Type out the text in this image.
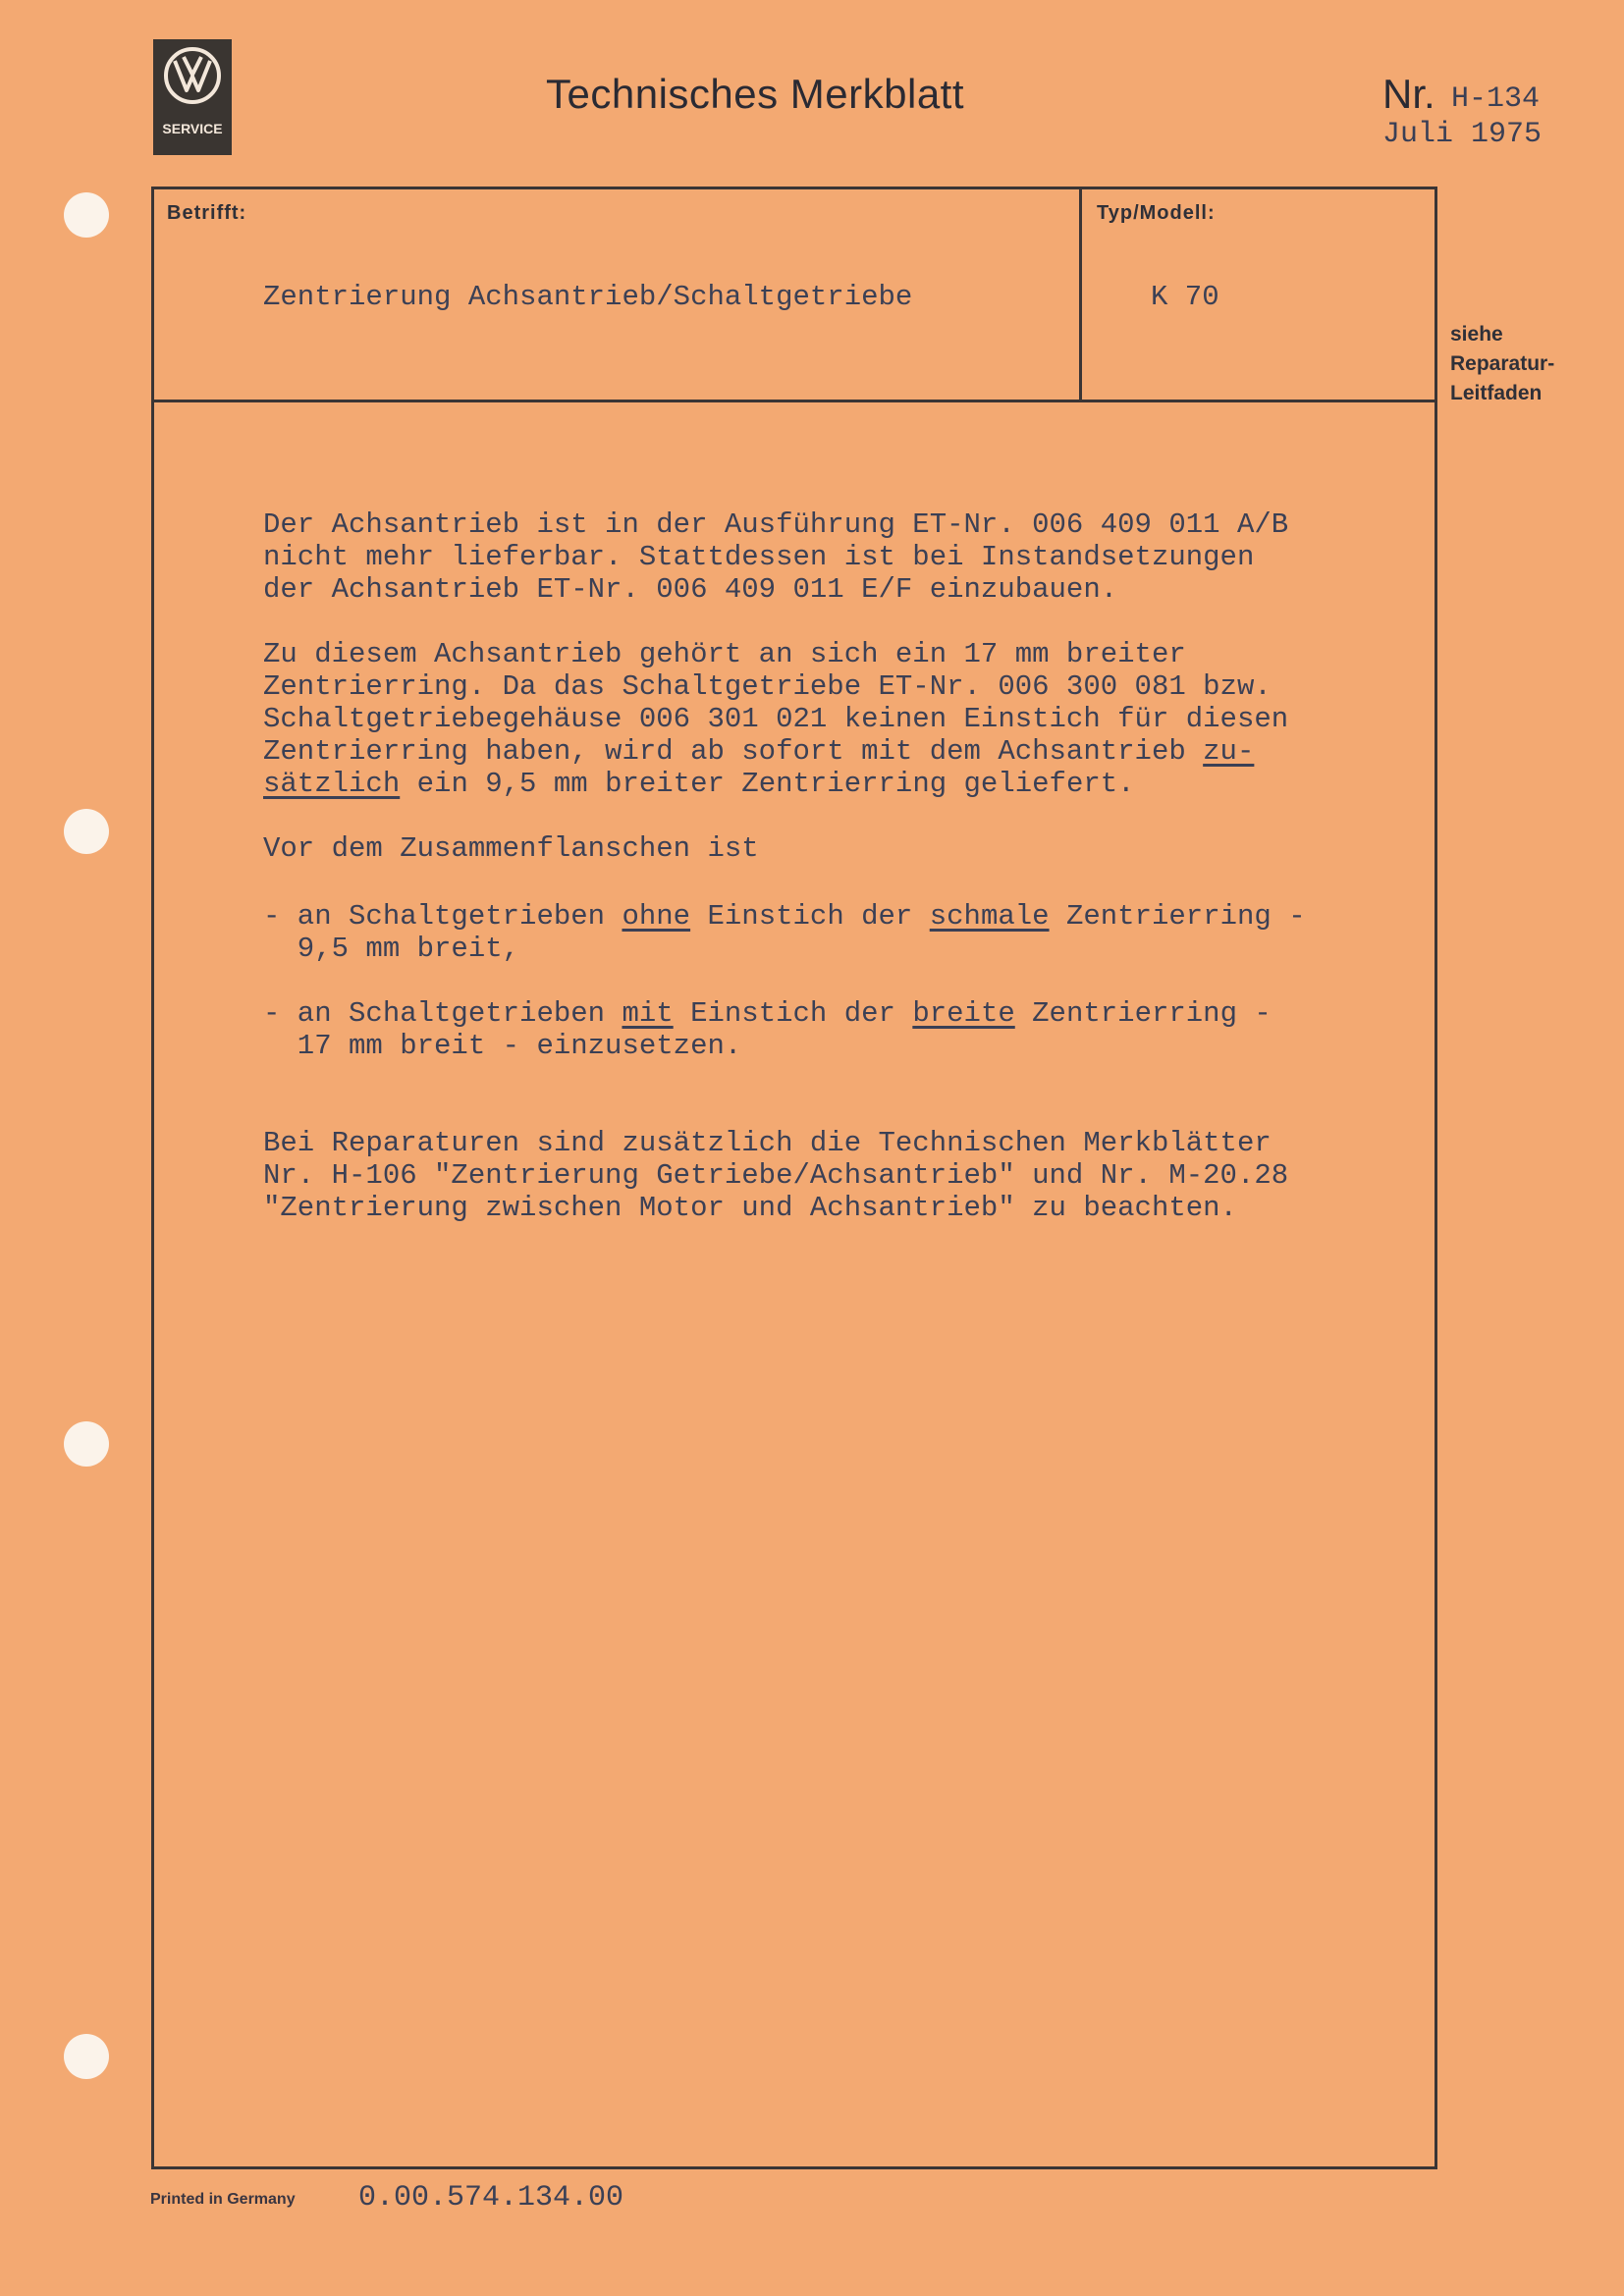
SERVICE
Technisches Merkblatt	Nr. H-134
Juli 1975
Betrifft:	Typ/Modell:
Zentrierung Achsantrieb/Schaltgetriebe	K 70
siehe
Reparatur-
Leitfaden

Der Achsantrieb ist in der Ausführung ET-Nr. 006 409 011 A/B

nicht mehr lieferbar. Stattdessen ist bei Instandsetzungen

der Achsantrieb ET-Nr. 006 409 011 E/F einzubauen.

Zu diesem Achsantrieb gehört an sich ein 17 mm breiter

Zentrierring. Da das Schaltgetriebe ET-Nr. 006 300 081 bzw.

Schaltgetriebegehäuse 006 301 021 keinen Einstich für diesen

Zentrierring haben, wird ab sofort mit dem Achsantrieb zu-

sätzlich ein 9,5 mm breiter Zentrierring geliefert.

Vor dem Zusammenflanschen ist

- an Schaltgetrieben ohne Einstich der schmale Zentrierring -

9,5 mm breit,

- an Schaltgetrieben mit Einstich der breite Zentrierring -

17 mm breit - einzusetzen.

Bei Reparaturen sind zusätzlich die Technischen Merkblätter

Nr. H-106 "Zentrierung Getriebe/Achsantrieb" und Nr. M-20.28

"Zentrierung zwischen Motor und Achsantrieb" zu beachten.

Printed in Germany 0.00.574.134.00
